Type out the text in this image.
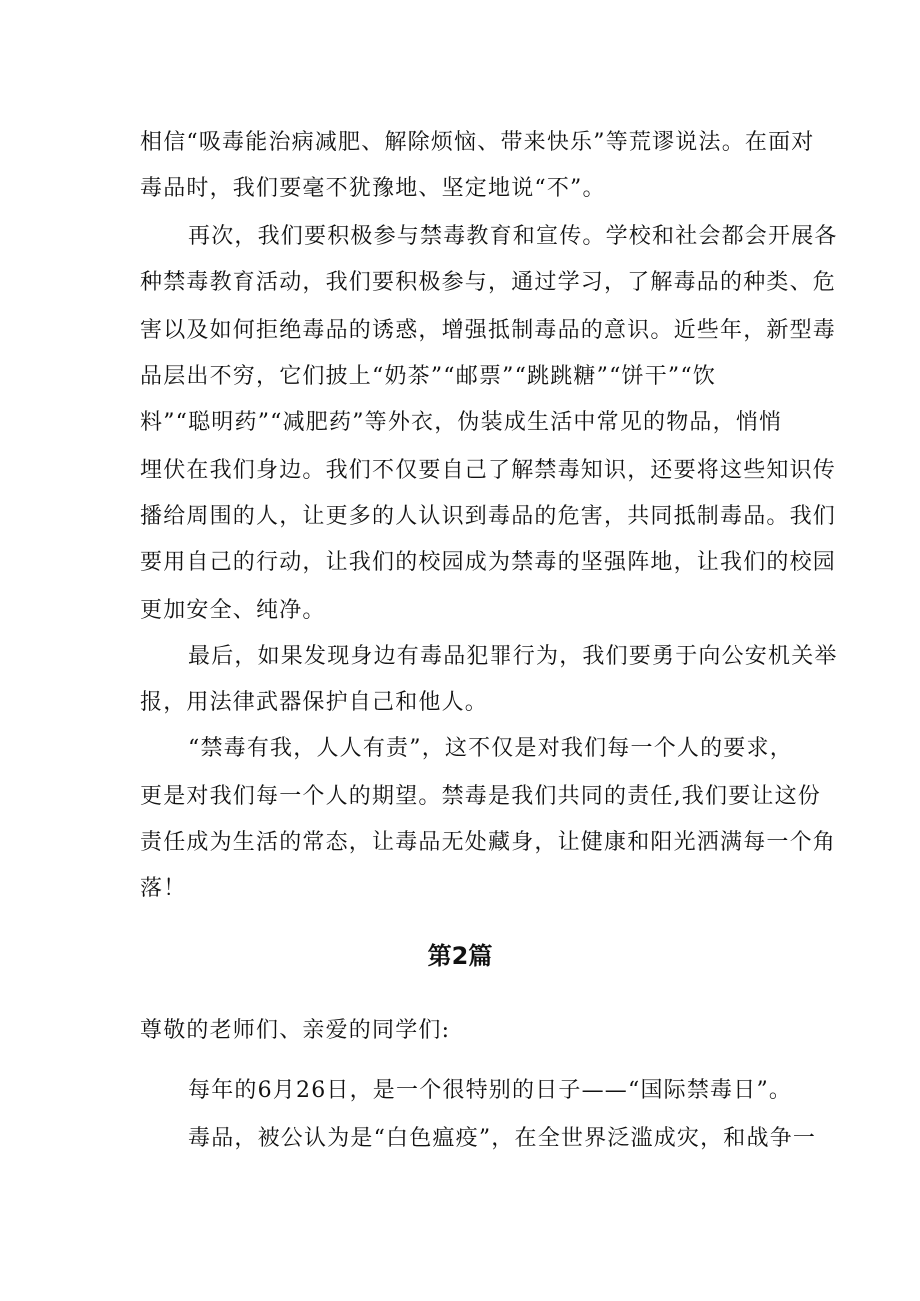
相信“吸毒能治病减肥、解除烦恼、带来快乐”等荒谬说法。在面对
毒品时，我们要毫不犹豫地、坚定地说“不”。
再次，我们要积极参与禁毒教育和宣传。学校和社会都会开展各
种禁毒教育活动，我们要积极参与，通过学习，了解毒品的种类、危
害以及如何拒绝毒品的诱惑，增强抵制毒品的意识。近些年，新型毒
品层出不穷，它们披上“奶茶”“邮票”“跳跳糖”“饼干”“饮
料”“聪明药”“减肥药”等外衣，伪装成生活中常见的物品，悄悄
埋伏在我们身边。我们不仅要自己了解禁毒知识，还要将这些知识传
播给周围的人，让更多的人认识到毒品的危害，共同抵制毒品。我们
要用自己的行动，让我们的校园成为禁毒的坚强阵地，让我们的校园
更加安全、纯净。
最后，如果发现身边有毒品犯罪行为，我们要勇于向公安机关举
报，用法律武器保护自己和他人。
“禁毒有我，人人有责”，这不仅是对我们每一个人的要求，
更是对我们每一个人的期望。禁毒是我们共同的责任,我们要让这份
责任成为生活的常态，让毒品无处藏身，让健康和阳光洒满每一个角
落！
第2篇
尊敬的老师们、亲爱的同学们:
每年的6月26日，是一个很特别的日子——“国际禁毒日”。
毒品，被公认为是“白色瘟疫”，在全世界泛滥成灾，和战争一
